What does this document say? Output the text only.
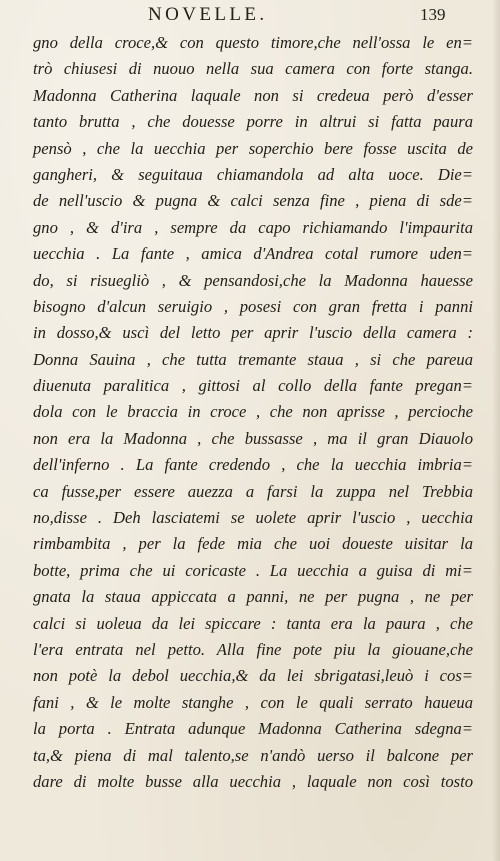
NOVELLE.	139
gno della croce,& con questo timore,che nell'ossa le en=
trò chiusesi di nuouo nella sua camera con forte stanga.
Madonna Catherina laquale non si credeua però d'esser
tanto brutta , che douesse porre in altrui si fatta paura
pensò , che la uecchia per soperchio bere fosse uscita de
gangheri, & seguitaua chiamandola ad alta uoce. Die=
de nell'uscio & pugna & calci senza fine , piena di sde=
gno , & d'ira , sempre da capo richiamando l'impaurita
uecchia . La fante , amica d'Andrea cotal rumore uden=
do, si risuegliò , & pensandosi,che la Madonna hauesse
bisogno d'alcun seruigio , posesi con gran fretta i panni
in dosso,& uscì del letto per aprir l'uscio della camera :
Donna Sauina , che tutta tremante staua , si che pareua
diuenuta paralitica , gittosi al collo della fante pregan=
dola con le braccia in croce , che non aprisse , percioche
non era la Madonna , che bussasse , ma il gran Diauolo
dell'inferno . La fante credendo , che la uecchia imbria=
ca fusse,per essere auezza a farsi la zuppa nel Trebbia
no,disse . Deh lasciatemi se uolete aprir l'uscio , uecchia
rimbambita , per la fede mia che uoi doueste uisitar la
botte, prima che ui coricaste . La uecchia a guisa di mi=
gnata la staua appiccata a panni, ne per pugna , ne per
calci si uoleua da lei spiccare : tanta era la paura , che
l'era entrata nel petto. Alla fine pote piu la giouane,che
non potè la debol uecchia,& da lei sbrigatasi,leuò i cos=
fani , & le molte stanghe , con le quali serrato haueua
la porta . Entrata adunque Madonna Catherina sdegna=
ta,& piena di mal talento,se n'andò uerso il balcone per
dare di molte busse alla uecchia , laquale non così tosto
